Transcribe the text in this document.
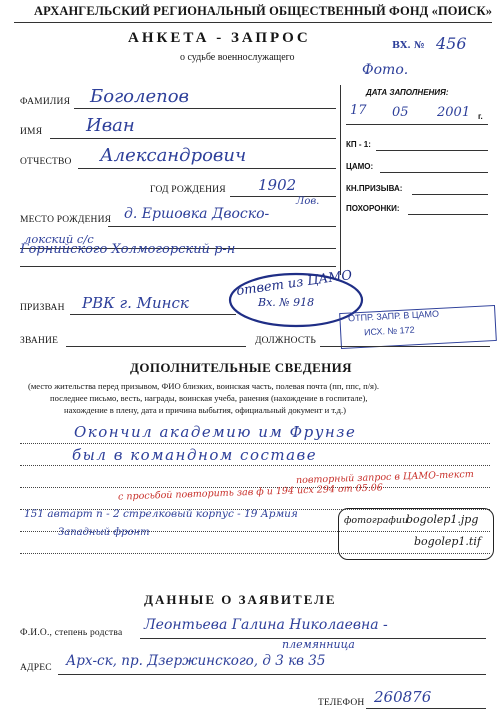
АРХАНГЕЛЬСКИЙ РЕГИОНАЛЬНЫЙ ОБЩЕСТВЕННЫЙ ФОНД «ПОИСК»
АНКЕТА - ЗАПРОС
о судьбе военнослужащего
ВХ. № 456
Фото.
ДАТА ЗАПОЛНЕНИЯ:
17 05 2001 г.
КП - 1:
ЦАМО:
КН.ПРИЗЫВА:
ПОХОРОНКИ:
ФАМИЛИЯ Боголепов
ИМЯ Иван
ОТЧЕСТВО Александрович
ГОД РОЖДЕНИЯ 1902
Лов.
МЕСТО РОЖДЕНИЯ д. Ершовка Двоско-
локский с/с
Горнийского Холмогорский р-н
ПРИЗВАН РВК г. Минск
ответ из ЦАМО
Вх. № 918
ОТПР. ЗАПР. В ЦАМО
ИСХ. № 172
ЗВАНИЕ	ДОЛЖНОСТЬ
ДОПОЛНИТЕЛЬНЫЕ СВЕДЕНИЯ
(место жительства перед призывом, ФИО близких, воинская часть, полевая почта (пп, ппс, п/я).
последнее письмо, весть, награды, воинская учеба, ранения (нахождение в госпитале),
нахождение в плену, дата и причина выбытия, официальный документ и т.д.)
Окончил академию им Фрунзе
был в командном составе
повторный запрос в ЦАМО-текст
с просьбой повторить зав ф и 194 исх 294 от 05.06
151 автарт п - 2 стрелковый корпус - 19 Армия
Западный фронт
фотографии
bogolep1.jpg
bogolep1.tif
ДАННЫЕ О ЗАЯВИТЕЛЕ
Ф.И.О., степень родства Леонтьева Галина Николаевна -
племянница
АДРЕС Арх-ск, пр. Дзержинского, д 3 кв 35
ТЕЛЕФОН 260876
